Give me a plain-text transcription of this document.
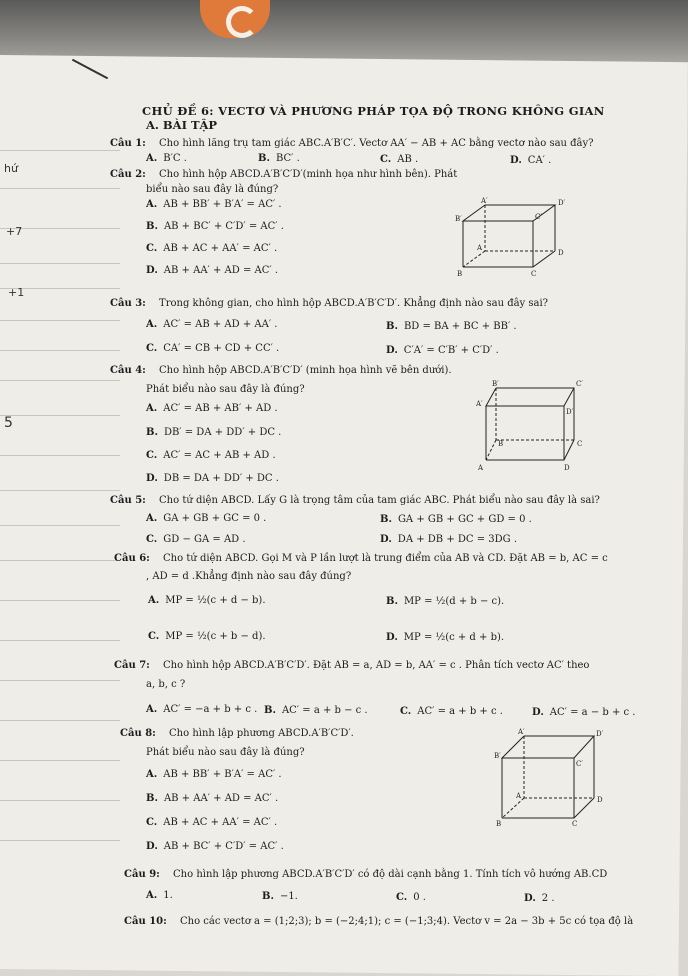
hứ
+7
+1
5
CHỦ ĐỀ 6: VECTƠ VÀ PHƯƠNG PHÁP TỌA ĐỘ TRONG KHÔNG GIAN
A. BÀI TẬP
Câu 1: Cho hình lăng trụ tam giác ABC.A′B′C′. Vectơ AA′ − AB + AC bằng vectơ nào sau đây?
A. B′C .	B. BC′ .	C. AB .	D. CA′ .
Câu 2: Cho hình hộp ABCD.A′B′C′D′(minh họa như hình bên). Phát
biểu nào sau đây là đúng?
A. AB + BB′ + B′A′ = AC′ .
B. AB + BC′ + C′D′ = AC′ .
C. AB + AC + AA′ = AC′ .
D. AB + AA′ + AD = AC′ .
A′	D′
B′	C′
A
D
B	C
Câu 3: Trong không gian, cho hình hộp ABCD.A′B′C′D′. Khẳng định nào sau đây sai?
A. AC′ = AB + AD + AA′ .	B. BD = BA + BC + BB′ .
C. CA′ = CB + CD + CC′ .	D. C′A′ = C′B′ + C′D′ .
Câu 4: Cho hình hộp ABCD.A′B′C′D′ (minh họa hình vẽ bên dưới).
Phát biểu nào sau đây là đúng?
A. AC′ = AB + AB′ + AD .
B. DB′ = DA + DD′ + DC .
C. AC′ = AC + AB + AD .
D. DB = DA + DD′ + DC .
B′	C′
A′
D′
B	C
A	D
Câu 5: Cho tứ diện ABCD. Lấy G là trọng tâm của tam giác ABC. Phát biểu nào sau đây là sai?
A. GA + GB + GC = 0 .	B. GA + GB + GC + GD = 0 .
C. GD − GA = AD .	D. DA + DB + DC = 3DG .
Câu 6: Cho tứ diện ABCD. Gọi M và P lần lượt là trung điểm của AB và CD. Đặt AB = b, AC = c
, AD = d .Khẳng định nào sau đây đúng?
A. MP = ½(c + d − b).	B. MP = ½(d + b − c).
C. MP = ½(c + b − d).	D. MP = ½(c + d + b).
Câu 7: Cho hình hộp ABCD.A′B′C′D′. Đặt AB = a, AD = b, AA′ = c . Phân tích vectơ AC′ theo
a, b, c ?
A. AC′ = −a + b + c . B. AC′ = a + b − c .	C. AC′ = a + b + c .	D. AC′ = a − b + c .
Câu 8: Cho hình lập phương ABCD.A′B′C′D′.
Phát biểu nào sau đây là đúng?
A. AB + BB′ + B′A′ = AC′ .
B. AB + AA′ + AD = AC′ .
C. AB + AC + AA′ = AC′ .
D. AB + BC′ + C′D′ = AC′ .
A′	D′
B′
C′
A	D
B	C
Câu 9: Cho hình lập phương ABCD.A′B′C′D′ có độ dài cạnh bằng 1. Tính tích vô hướng AB.CD
A. 1.	B. −1.	C. 0 .	D. 2 .
Câu 10: Cho các vectơ a = (1;2;3); b = (−2;4;1); c = (−1;3;4). Vectơ v = 2a − 3b + 5c có tọa độ là
